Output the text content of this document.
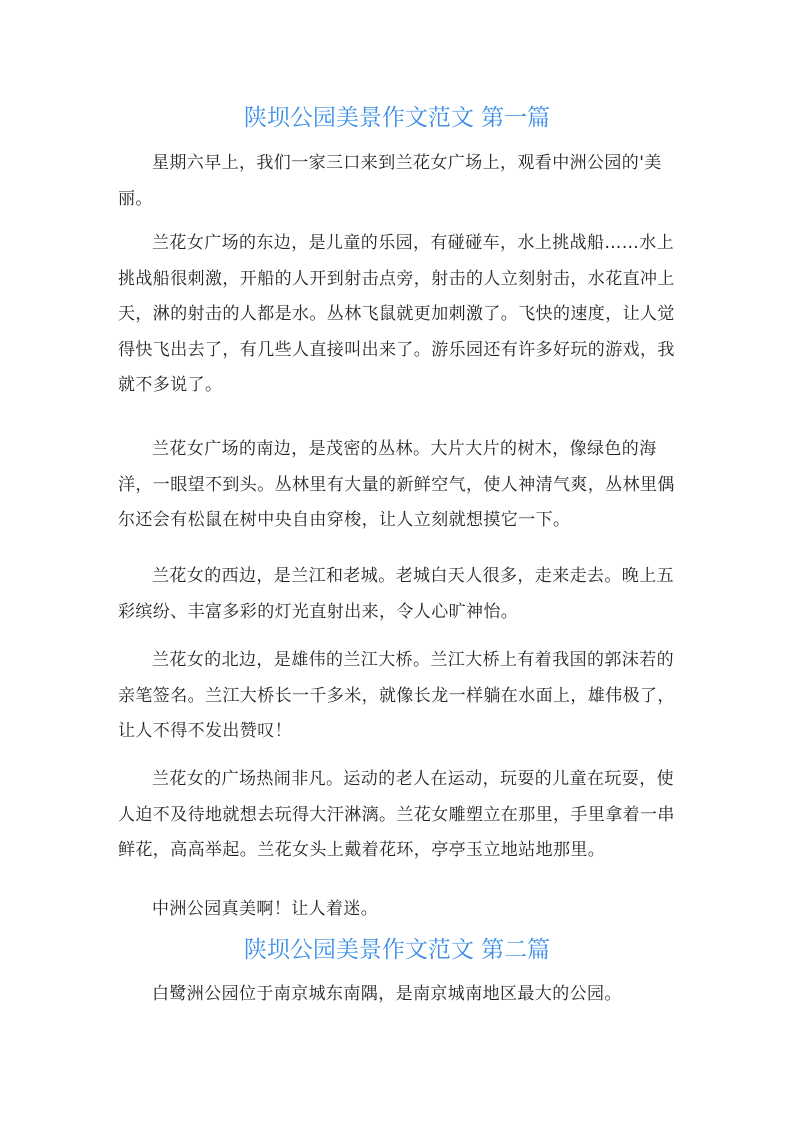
陕坝公园美景作文范文 第一篇
星期六早上，我们一家三口来到兰花女广场上，观看中洲公园的'美丽。
兰花女广场的东边，是儿童的乐园，有碰碰车，水上挑战船……水上挑战船很刺激，开船的人开到射击点旁，射击的人立刻射击，水花直冲上天，淋的射击的人都是水。丛林飞鼠就更加刺激了。飞快的速度，让人觉得快飞出去了，有几些人直接叫出来了。游乐园还有许多好玩的游戏，我就不多说了。
兰花女广场的南边，是茂密的丛林。大片大片的树木，像绿色的海洋，一眼望不到头。丛林里有大量的新鲜空气，使人神清气爽，丛林里偶尔还会有松鼠在树中央自由穿梭，让人立刻就想摸它一下。
兰花女的西边，是兰江和老城。老城白天人很多，走来走去。晚上五彩缤纷、丰富多彩的灯光直射出来，令人心旷神怡。
兰花女的北边，是雄伟的兰江大桥。兰江大桥上有着我国的郭沫若的亲笔签名。兰江大桥长一千多米，就像长龙一样躺在水面上，雄伟极了，让人不得不发出赞叹！
兰花女的广场热闹非凡。运动的老人在运动，玩耍的儿童在玩耍，使人迫不及待地就想去玩得大汗淋漓。兰花女雕塑立在那里，手里拿着一串鲜花，高高举起。兰花女头上戴着花环，亭亭玉立地站地那里。
中洲公园真美啊！让人着迷。
陕坝公园美景作文范文 第二篇
白鹭洲公园位于南京城东南隅，是南京城南地区最大的公园。
